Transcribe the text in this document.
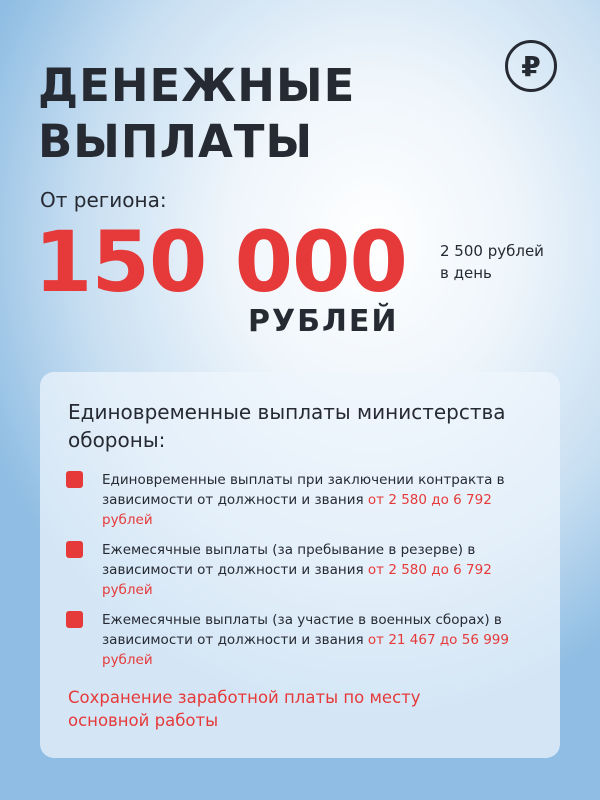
ДЕНЕЖНЫЕ
ВЫПЛАТЫ
₽
От региона:
150 000
РУБЛЕЙ
2 500 рублей
в день
Единовременные выплаты министерства обороны:
Единовременные выплаты при заключении контракта в зависимости от должности и звания от 2 580 до 6 792 рублей
Ежемесячные выплаты (за пребывание в резерве) в зависимости от должности и звания от 2 580 до 6 792 рублей
Ежемесячные выплаты (за участие в военных сборах) в зависимости от должности и звания от 21 467 до 56 999 рублей
Сохранение заработной платы по месту основной работы
